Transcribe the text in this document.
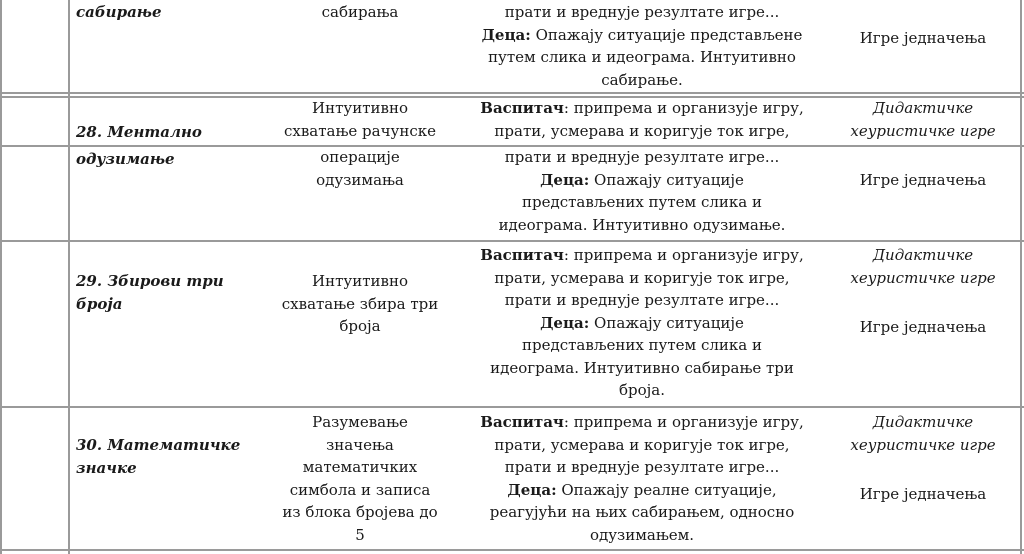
сабирање	сабирања	прати и вреднује резултате игре...
Деца: Опажају ситуације представљене
путем слика и идеограма. Интуитивно
сабирање.
Игре једначења
28. Ментално
одузимање
Интуитивно
схватање рачунске
операције
одузимања
Васпитач: припрема и организује игру,
прати, усмерава и коригује ток игре,
прати и вреднује резултате игре...
Деца: Опажају ситуације
представљених путем слика и
идеограма. Интуитивно одузимање.
Дидактичке
хеуристичке игре
Игре једначења
29. Збирови три
броја
Интуитивно
схватање збира три
броја
Васпитач: припрема и организује игру,
прати, усмерава и коригује ток игре,
прати и вреднује резултате игре...
Деца: Опажају ситуације
представљених путем слика и
идеограма. Интуитивно сабирање три
броја.
Дидактичке
хеуристичке игре
Игре једначења
30. Математичке
значке
Разумевање
значења
математичких
симбола и записа
из блока бројева до
5
Васпитач: припрема и организује игру,
прати, усмерава и коригује ток игре,
прати и вреднује резултате игре...
Деца: Опажају реалне ситуације,
реагујући на њих сабирањем, односно
одузимањем.
Дидактичке
хеуристичке игре
Игре једначења
